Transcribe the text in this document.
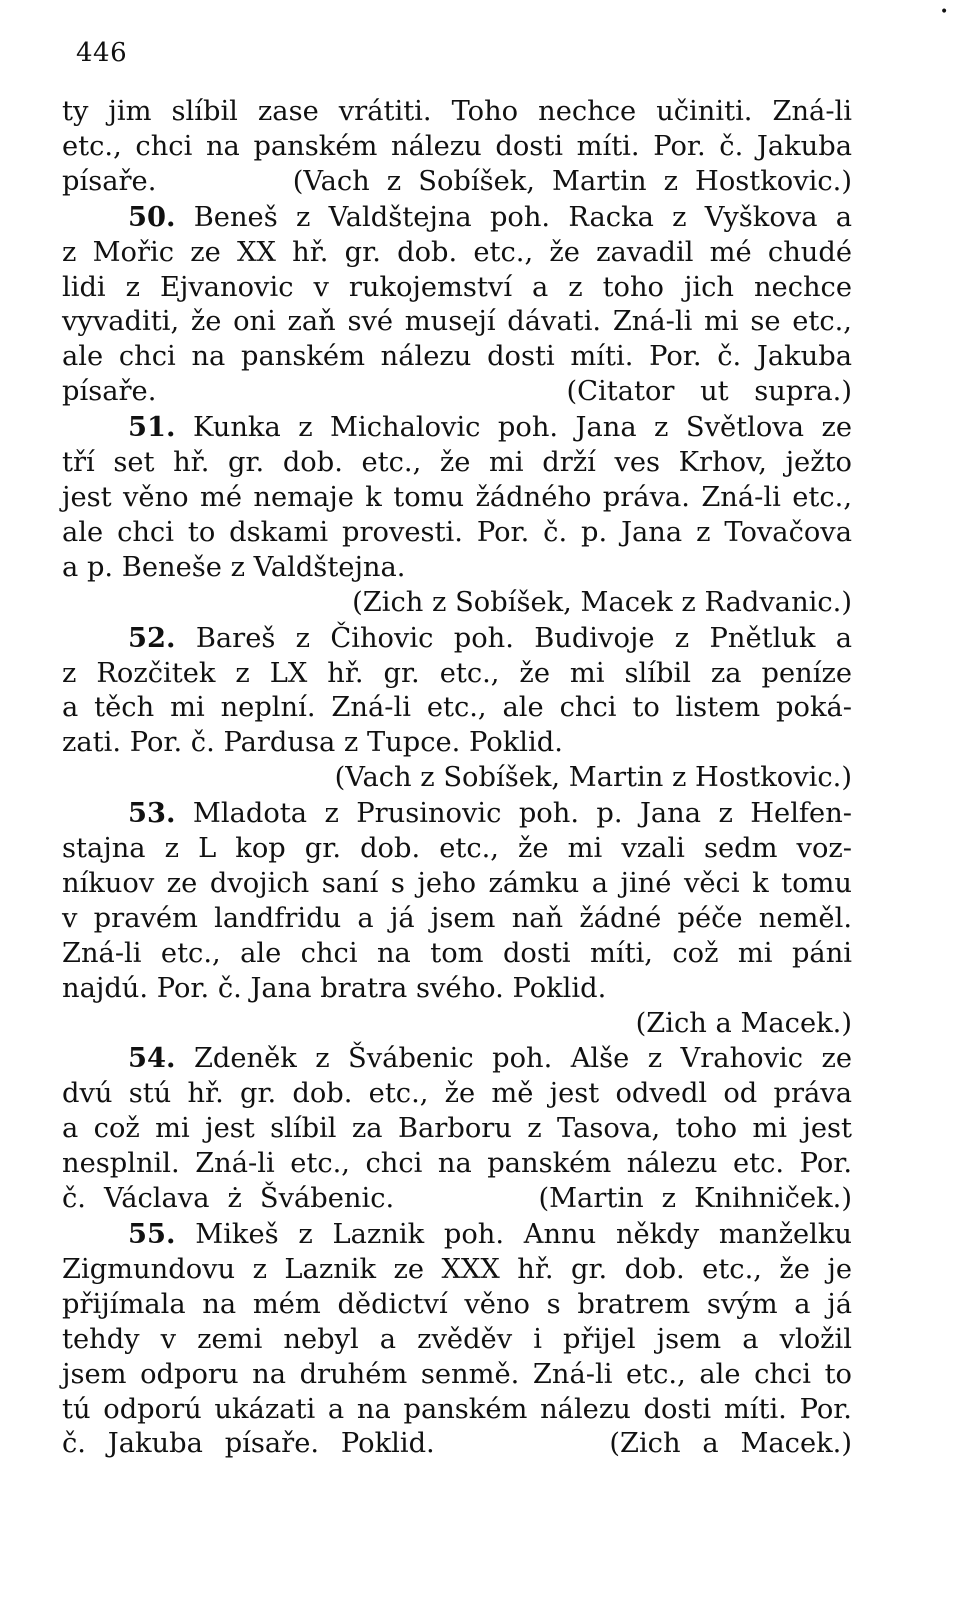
446
•
ty jim slíbil zase vrátiti. Toho nechce učiniti. Zná-li
etc., chci na panském nálezu dosti míti. Por. č. Jakuba
písaře.        (Vach z Sobíšek, Martin z Hostkovic.)
50. Beneš z Valdštejna poh. Racka z Vyškova a
z Mořic ze XX hř. gr. dob. etc., že zavadil mé chudé
lidi z Ejvanovic v rukojemství a z toho jich nechce
vyvaditi, že oni zaň své musejí dávati. Zná-li mi se etc.,
ale chci na panském nálezu dosti míti. Por. č. Jakuba
písaře.                (Citator ut supra.)
51. Kunka z Michalovic poh. Jana z Světlova ze
tří set hř. gr. dob. etc., že mi drží ves Krhov, ježto
jest věno mé nemaje k tomu žádného práva. Zná-li etc.,
ale chci to dskami provesti. Por. č. p. Jana z Tovačova
a p. Beneše z Valdštejna.
(Zich z Sobíšek, Macek z Radvanic.)
52. Bareš z Čihovic poh. Budivoje z Pnětluk a
z Rozčitek z LX hř. gr. etc., že mi slíbil za peníze
a těch mi neplní. Zná-li etc., ale chci to listem poká-
zati. Por. č. Pardusa z Tupce. Poklid.
(Vach z Sobíšek, Martin z Hostkovic.)
53. Mladota z Prusinovic poh. p. Jana z Helfen-
stajna z L kop gr. dob. etc., že mi vzali sedm voz-
níkuov ze dvojich saní s jeho zámku a jiné věci k tomu
v pravém landfridu a já jsem naň žádné péče neměl.
Zná-li etc., ale chci na tom dosti míti, což mi páni
najdú. Por. č. Jana bratra svého. Poklid.
(Zich a Macek.)
54. Zdeněk z Švábenic poh. Alše z Vrahovic ze
dvú stú hř. gr. dob. etc., že mě jest odvedl od práva
a což mi jest slíbil za Barboru z Tasova, toho mi jest
nesplnil. Zná-li etc., chci na panském nálezu etc. Por.
č. Václava ż Švábenic.        (Martin z Knihniček.)
55. Mikeš z Laznik poh. Annu někdy manželku
Zigmundovu z Laznik ze XXX hř. gr. dob. etc., že je
přijímala na mém dědictví věno s bratrem svým a já
tehdy v zemi nebyl a zvěděv i přijel jsem a vložil
jsem odporu na druhém senmě. Zná-li etc., ale chci to
tú odporú ukázati a na panském nálezu dosti míti. Por.
č. Jakuba písaře. Poklid.        (Zich a Macek.)
